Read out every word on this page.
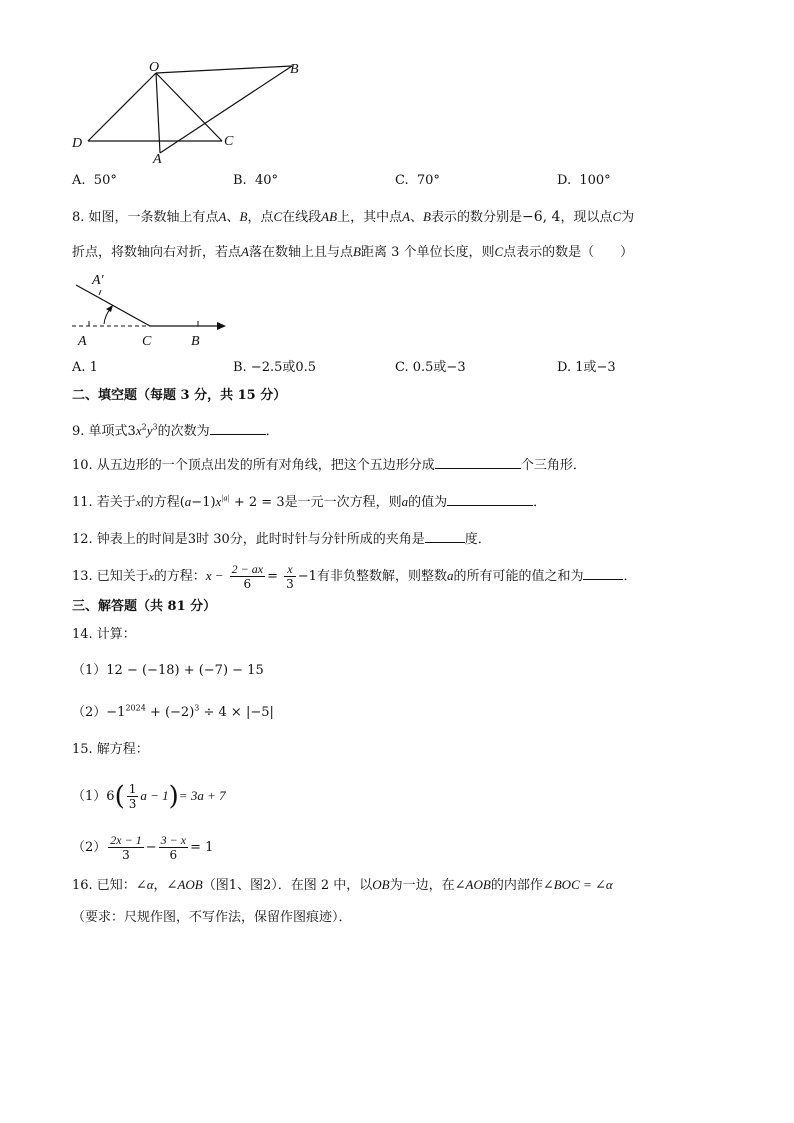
O	B
D	C
A
A. 50°	B. 40°	C. 70°	D. 100°
8. 如图，一条数轴上有点A、B，点C在线段AB上，其中点A、B表示的数分别是−6, 4，现以点C为
折点，将数轴向右对折，若点A落在数轴上且与点B距离 3 个单位长度，则C点表示的数是（　　）
A′
A	C	B
A. 1	B. −2.5或0.5	C. 0.5或−3	D. 1或−3
二、填空题（每题 3 分，共 15 分）
9. 单项式$3x^2y^3$的次数为	．
10. 从五边形的一个顶点出发的所有对角线，把这个五边形分成	个三角形．
11. 若关于x的方程$(a-1)x^{|a|} + 2 = 3$是一元一次方程，则a的值为	．
12. 钟表上的时间是3时 30分，此时时针与分针所成的夹角是	度．
13. 已知关于x的方程：$x - \frac{2 - ax}{6} = \frac{x}{3} -1$有非负整数解，则整数a的所有可能的值之和为	．
三、解答题（共 81 分）
14. 计算：
（1）12 − (−18) + (−7) − 15
$(2)-1^{2024} + (-2)^3 \div 4 \times |-5|$
15. 解方程：
$(1)6( \frac{1}{3}$ a − 1)= 3a + 7
$(2) \frac{2x - 1}{3} - \frac{3 - x}{6} = 1$
16. 已知：∠α，∠AOB（图1、图2）．在图 2 中，以OB为一边，在∠AOB的内部作∠BOC = ∠α
（要求：尺规作图，不写作法，保留作图痕迹）．
